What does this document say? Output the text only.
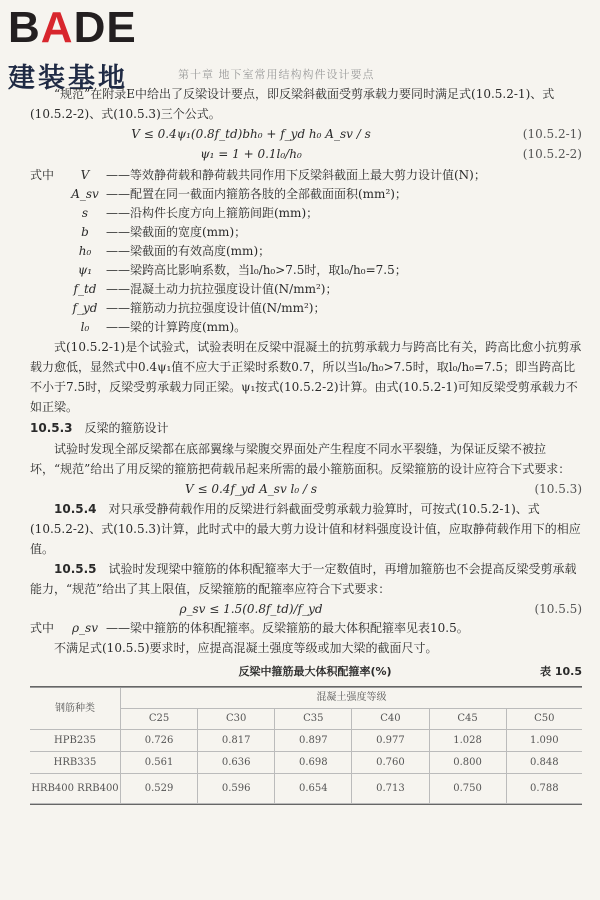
B A D E
建装基地	第十章 地下室常用结构构件设计要点

“规范”在附录E中给出了反梁设计要点，即反梁斜截面受剪承载力要同时满足式(10.5.2-1)、式(10.5.2-2)、式(10.5.3)三个公式。

V ≤ 0.4ψ₁(0.8f_td)bh₀ + f_yd h₀ A_sv / s	(10.5.2-1)
ψ₁ = 1 + 0.1l₀/h₀	(10.5.2-2)
式中	V	——等效静荷载和静荷载共同作用下反梁斜截面上最大剪力设计值(N)；
A_sv ——配置在同一截面内箍筋各肢的全部截面面积(mm²)；
s	——沿构件长度方向上箍筋间距(mm)；
b	——梁截面的宽度(mm)；
h₀	——梁截面的有效高度(mm)；
ψ₁	——梁跨高比影响系数，当l₀/h₀>7.5时，取l₀/h₀=7.5；
f_td ——混凝土动力抗拉强度设计值(N/mm²)；
f_yd ——箍筋动力抗拉强度设计值(N/mm²)；
l₀	——梁的计算跨度(mm)。

式(10.5.2-1)是个试验式，试验表明在反梁中混凝土的抗剪承载力与跨高比有关，跨高比愈小抗剪承载力愈低，显然式中0.4ψ₁值不应大于正梁时系数0.7，所以当l₀/h₀>7.5时，取l₀/h₀=7.5；即当跨高比不小于7.5时，反梁受剪承载力同正梁。ψ₁按式(10.5.2-2)计算。由式(10.5.2-1)可知反梁受剪承载力不如正梁。

10.5.3　 反梁的箍筋设计

试验时发现全部反梁都在底部翼缘与梁腹交界面处产生程度不同水平裂缝，为保证反梁不被拉坏，“规范”给出了用反梁的箍筋把荷载吊起来所需的最小箍筋面积。反梁箍筋的设计应符合下式要求：

V ≤ 0.4f_yd A_sv l₀ / s	(10.5.3)

10.5.4　 对只承受静荷载作用的反梁进行斜截面受剪承载力验算时，可按式(10.5.2-1)、式(10.5.2-2)、式(10.5.3)计算，此时式中的最大剪力设计值和材料强度设计值，应取静荷载作用下的相应值。

10.5.5　 试验时发现梁中箍筋的体积配箍率大于一定数值时，再增加箍筋也不会提高反梁受剪承载能力，“规范”给出了其上限值，反梁箍筋的配箍率应符合下式要求：

ρ_sv ≤ 1.5(0.8f_td)/f_yd	(10.5.5)
式中	ρ_sv ——梁中箍筋的体积配箍率。反梁箍筋的最大体积配箍率见表10.5。

不满足式(10.5.5)要求时，应提高混凝土强度等级或加大梁的截面尺寸。

反梁中箍筋最大体积配箍率(%)	表 10.5
钢筋种类	混凝土强度等级					
	C25	C30	C35	C40	C45	C50
HPB235	0.726	0.817	0.897	0.977	1.028	1.090
HRB335	0.561	0.636	0.698	0.760	0.800	0.848
HRB400 RRB400	0.529	0.596	0.654	0.713	0.750	0.788
